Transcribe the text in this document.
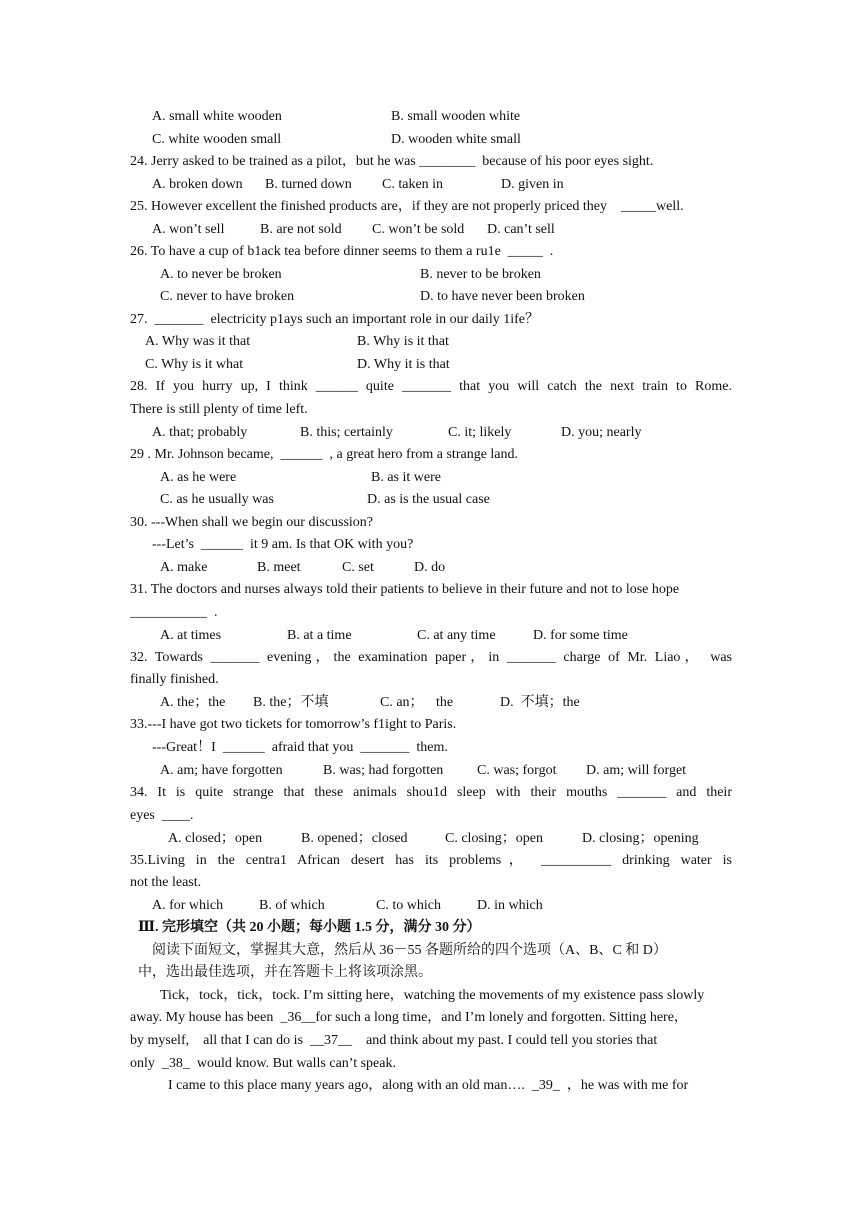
A. small white wooden	B. small wooden white
C. white wooden small	D. wooden white small
24. Jerry asked to be trained as a pilot，but he was ________  because of his poor eyes sight.
A. broken down B. turned down C. taken in	D. given in
25. However excellent the finished products are，if they are not properly priced they    _____well.
A. won’t sell	B. are not sold C. won’t be sold D. can’t sell
26. To have a cup of b1ack tea before dinner seems to them a ru1e  _____  .
A. to never be broken	B. never to be broken
C. never to have broken	D. to have never been broken
27.  _______  electricity p1ays such an important role in our daily 1ife？
A. Why was it that	B. Why is it that
C. Why is it what	D. Why it is that
28. If you hurry up, I think ______ quite _______ that you will catch the next train to Rome.
There is still plenty of time left.
A. that; probably	B. this; certainly	C. it; likely	D. you; nearly
29 . Mr. Johnson became,  ______  , a great hero from a strange land.
A. as he were	B. as it were
C. as he usually was	D. as is the usual case
30. ---When shall we begin our discussion?
---Let’s  ______  it 9 am. Is that OK with you?
A. make	B. meet	C. set	D. do
31. The doctors and nurses always told their patients to believe in their future and not to lose hope
___________  .
A. at times	B. at a time	C. at any time	D. for some time
32. Towards _______ evening，the examination paper，in _______ charge of Mr. Liao， was
finally finished.
A. the；the B. the；不填	C. an； the	D.  不填；the
33.---I have got two tickets for tomorrow’s f1ight to Paris.
---Great！I  ______  afraid that you  _______  them.
A. am; have forgotten	B. was; had forgotten C. was; forgot D. am; will forget
34. It is quite strange that these animals shou1d sleep with their mouths _______ and their
eyes  ____.
A. closed；open	B. opened；closed	C. closing；open	D. closing；opening
35.Living in the centra1 African desert has its problems， __________ drinking water is
not the least.
A. for which	B. of which	C. to which	D. in which
Ⅲ. 完形填空（共 20 小题；每小题 1.5 分，满分 30 分）
阅读下面短文，掌握其大意，然后从 36－55 各题所给的四个选项（A、B、C 和 D）
中，选出最佳选项，并在答题卡上将该项涂黑。
Tick，tock，tick，tock. I’m sitting here，watching the movements of my existence pass slowly
away. My house has been  _36__for such a long time，and I’m lonely and forgotten. Sitting here，
by myself,    all that I can do is  __37__    and think about my past. I could tell you stories that
only  _38_  would know. But walls can’t speak.
I came to this place many years ago，along with an old man….  _39_  ，he was with me for
